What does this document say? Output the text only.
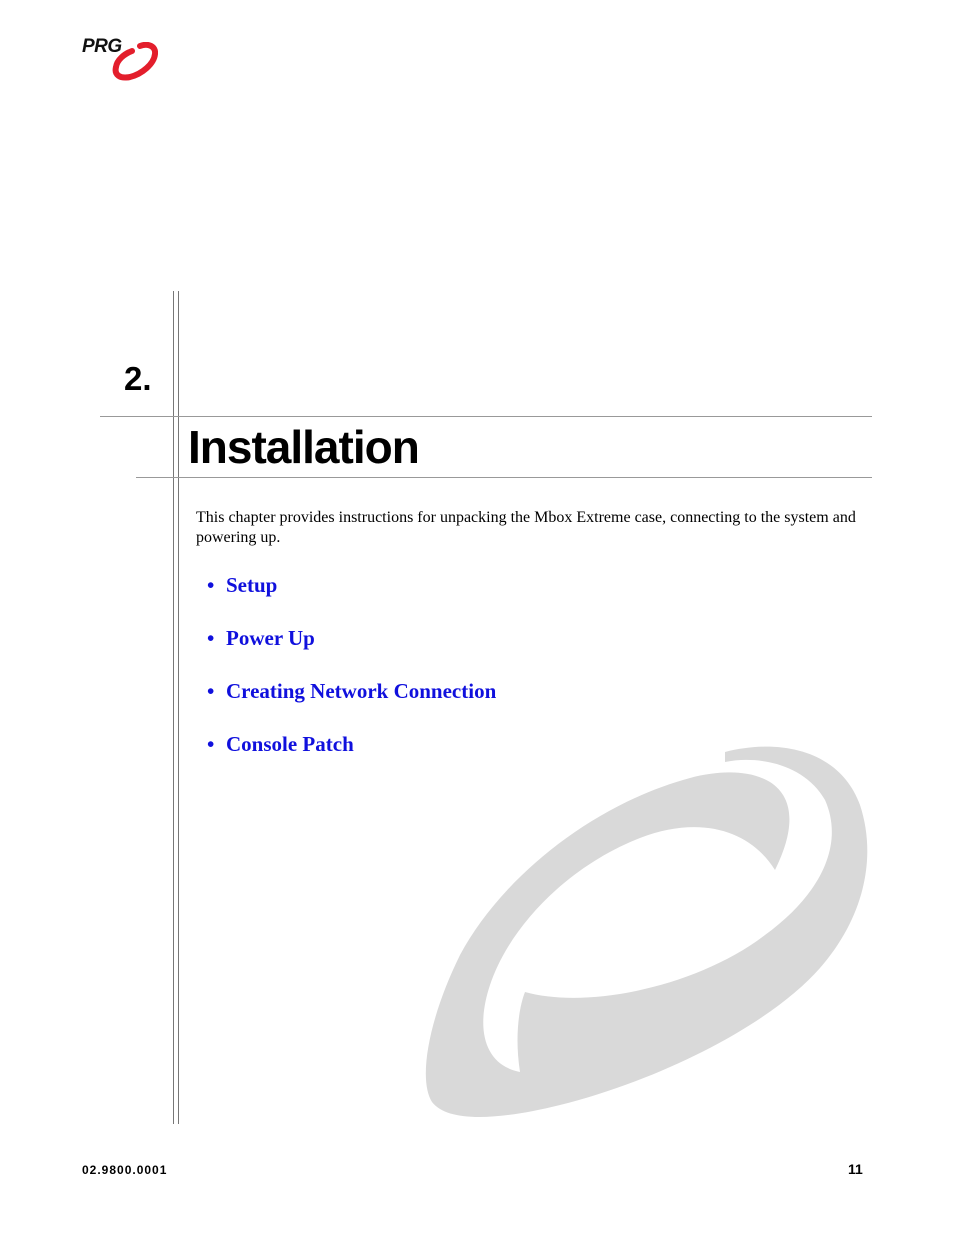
PRG
2.
Installation

This chapter provides instructions for unpacking the Mbox Extreme case, connecting to the system and powering up.

• Setup
• Power Up
• Creating Network Connection
• Console Patch
02.9800.0001	11
